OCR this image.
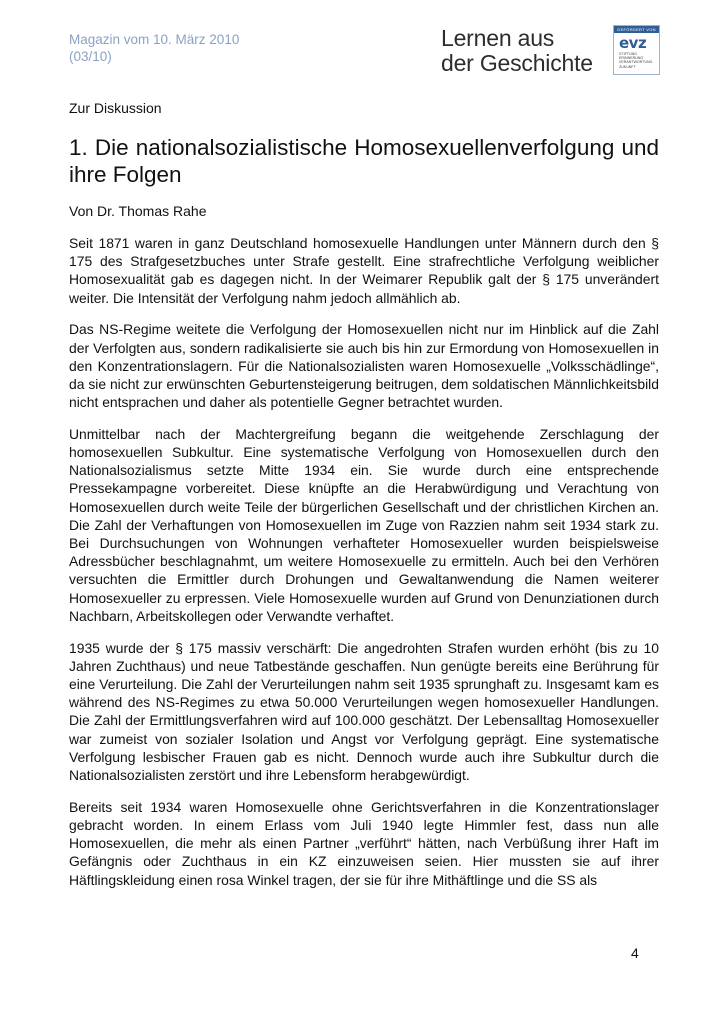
Magazin vom 10. März 2010
(03/10)
Lernen aus
der Geschichte
GEFÖRDERT VON
evz
STIFTUNG ERINNERUNG VERANTWORTUNG ZUKUNFT
Zur Diskussion
1. Die nationalsozialistische Homosexuellenverfolgung und ihre Folgen
Von Dr. Thomas Rahe

Seit 1871 waren in ganz Deutschland homosexuelle Handlungen unter Männern durch den § 175 des Strafgesetzbuches unter Strafe gestellt. Eine strafrechtliche Verfolgung weiblicher Homosexualität gab es dagegen nicht. In der Weimarer Republik galt der § 175 unverändert weiter. Die Intensität der Verfolgung nahm jedoch allmählich ab.

Das NS-Regime weitete die Verfolgung der Homosexuellen nicht nur im Hinblick auf die Zahl der Verfolgten aus, sondern radikalisierte sie auch bis hin zur Ermordung von Homosexuellen in den Konzentrationslagern. Für die Nationalsozialisten waren Homosexuelle „Volksschädlinge“, da sie nicht zur erwünschten Geburtensteigerung beitrugen, dem soldatischen Männlichkeitsbild nicht entsprachen und daher als potentielle Gegner betrachtet wurden.

Unmittelbar nach der Machtergreifung begann die weitgehende Zerschlagung der homosexuellen Subkultur. Eine systematische Verfolgung von Homosexuellen durch den Nationalsozialismus setzte Mitte 1934 ein. Sie wurde durch eine entsprechende Pressekampagne vorbereitet. Diese knüpfte an die Herabwürdigung und Verachtung von Homosexuellen durch weite Teile der bürgerlichen Gesellschaft und der christlichen Kirchen an. Die Zahl der Verhaftungen von Homosexuellen im Zuge von Razzien nahm seit 1934 stark zu. Bei Durchsuchungen von Wohnungen verhafteter Homosexueller wurden beispielsweise Adressbücher beschlagnahmt, um weitere Homosexuelle zu ermitteln. Auch bei den Verhören versuchten die Ermittler durch Drohungen und Gewaltanwendung die Namen weiterer Homosexueller zu erpressen. Viele Homosexuelle wurden auf Grund von Denunziationen durch Nachbarn, Arbeitskollegen oder Verwandte verhaftet.

1935 wurde der § 175 massiv verschärft: Die angedrohten Strafen wurden erhöht (bis zu 10 Jahren Zuchthaus) und neue Tatbestände geschaffen. Nun genügte bereits eine Berührung für eine Verurteilung. Die Zahl der Verurteilungen nahm seit 1935 sprunghaft zu. Insgesamt kam es während des NS-Regimes zu etwa 50.000 Verurteilungen wegen homosexueller Handlungen. Die Zahl der Ermittlungsverfahren wird auf 100.000 geschätzt. Der Lebensalltag Homosexueller war zumeist von sozialer Isolation und Angst vor Verfolgung geprägt. Eine systematische Verfolgung lesbischer Frauen gab es nicht. Dennoch wurde auch ihre Subkultur durch die Nationalsozialisten zerstört und ihre Lebensform herabgewürdigt.

Bereits seit 1934 waren Homosexuelle ohne Gerichtsverfahren in die Konzentrationslager gebracht worden. In einem Erlass vom Juli 1940 legte Himmler fest, dass nun alle Homosexuellen, die mehr als einen Partner „verführt“ hätten, nach Verbüßung ihrer Haft im Gefängnis oder Zuchthaus in ein KZ einzuweisen seien. Hier mussten sie auf ihrer Häftlingskleidung einen rosa Winkel tragen, der sie für ihre Mithäftlinge und die SS als

4
